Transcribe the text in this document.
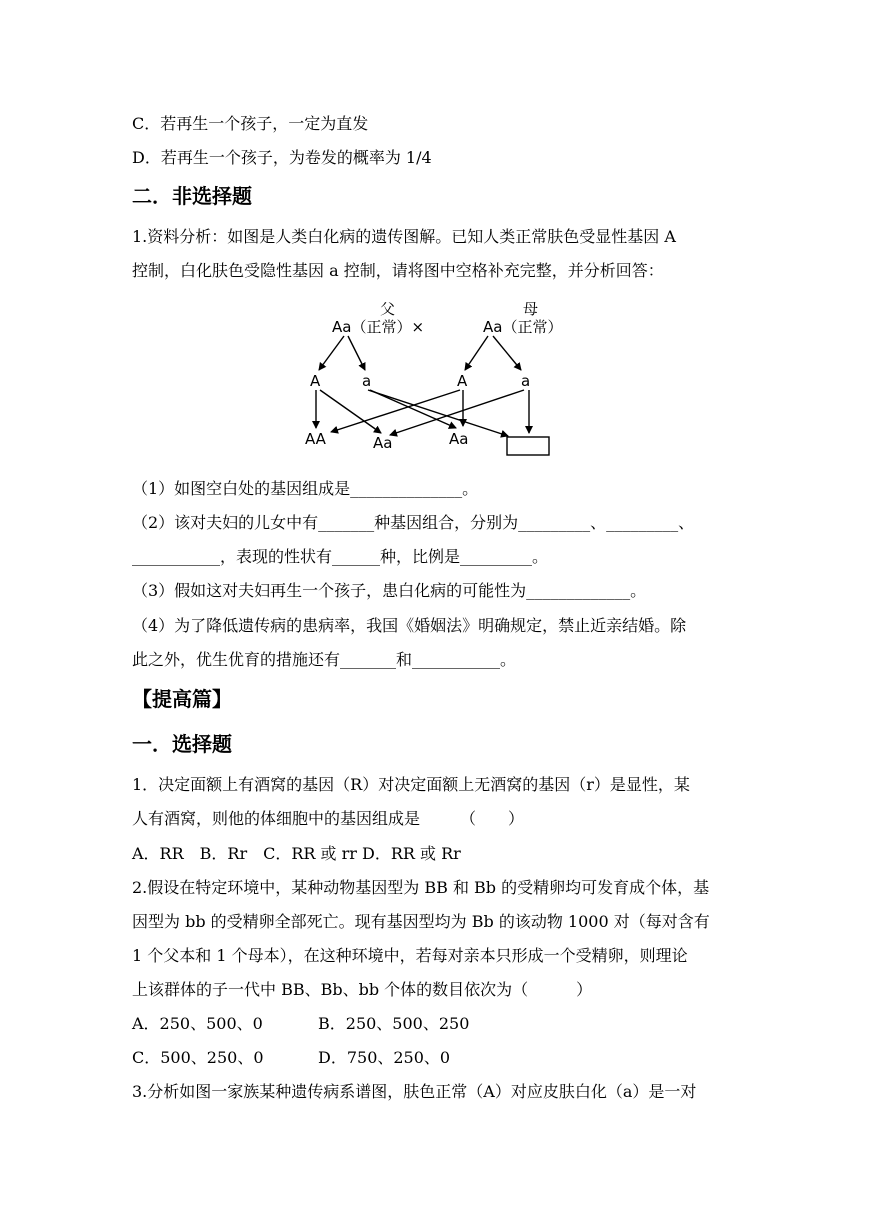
C．若再生一个孩子，一定为直发
D．若再生一个孩子，为卷发的概率为 1/4
二．非选择题
1.资料分析：如图是人类白化病的遗传图解。已知人类正常肤色受显性基因 A
控制，白化肤色受隐性基因 a 控制，请将图中空格补充完整，并分析回答：
父	母
Aa（正常）×	Aa（正常）
A	a	A	a
AA	Aa	Aa
（1）如图空白处的基因组成是______________。
（2）该对夫妇的儿女中有_______种基因组合，分别为_________、_________、
___________，表现的性状有______种，比例是_________。
（3）假如这对夫妇再生一个孩子，患白化病的可能性为_____________。
（4）为了降低遗传病的患病率，我国《婚姻法》明确规定，禁止近亲结婚。除
此之外，优生优育的措施还有_______和___________。
【提高篇】
一．选择题
1．决定面额上有酒窝的基因（R）对决定面额上无酒窝的基因（r）是显性，某
人有酒窝，则他的体细胞中的基因组成是　　　（　　）
A．RR　B．Rr　C．RR 或 rr D．RR 或 Rr
2.假设在特定环境中，某种动物基因型为 BB 和 Bb 的受精卵均可发育成个体，基
因型为 bb 的受精卵全部死亡。现有基因型均为 Bb 的该动物 1000 对（每对含有
1 个父本和 1 个母本），在这种环境中，若每对亲本只形成一个受精卵，则理论
上该群体的子一代中 BB、Bb、bb 个体的数目依次为（　　　）
A．250、500、0	B．250、500、250
C．500、250、0	D．750、250、0
3.分析如图一家族某种遗传病系谱图，肤色正常（A）对应皮肤白化（a）是一对
